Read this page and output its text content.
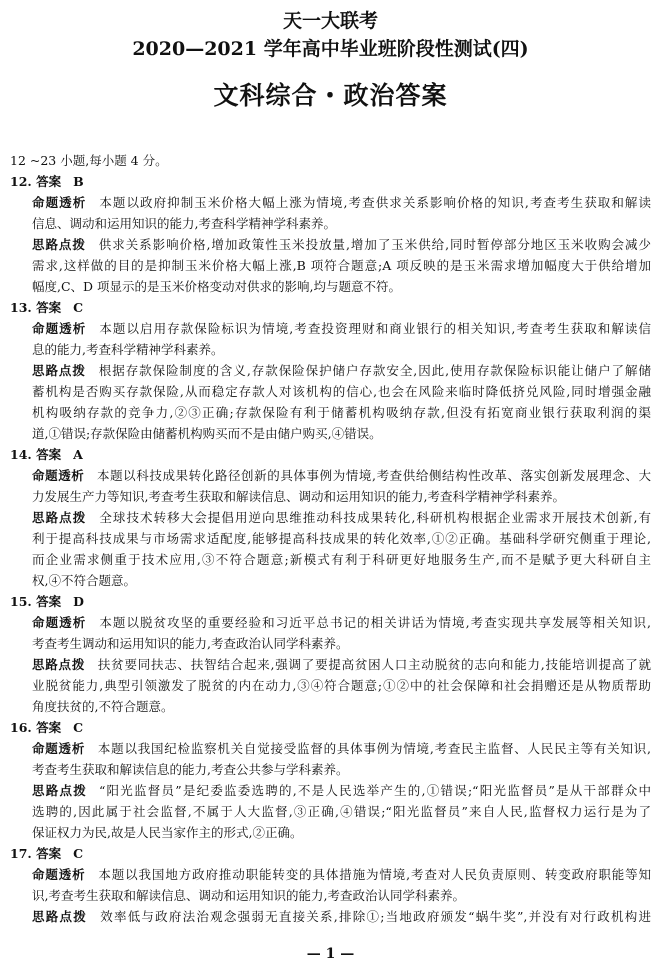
天一大联考
2020—2021 学年高中毕业班阶段性测试(四)
文科综合・政治答案
12 ~23 小题,每小题 4 分。
12. 答案 B
命题透析 本题以政府抑制玉米价格大幅上涨为情境,考查供求关系影响价格的知识,考查考生获取和解读
信息、调动和运用知识的能力,考查科学精神学科素养。
思路点拨 供求关系影响价格,增加政策性玉米投放量,增加了玉米供给,同时暂停部分地区玉米收购会减少
需求,这样做的目的是抑制玉米价格大幅上涨,B 项符合题意;A 项反映的是玉米需求增加幅度大于供给增加
幅度,C、D 项显示的是玉米价格变动对供求的影响,均与题意不符。
13. 答案 C
命题透析 本题以启用存款保险标识为情境,考查投资理财和商业银行的相关知识,考查考生获取和解读信
息的能力,考查科学精神学科素养。
思路点拨 根据存款保险制度的含义,存款保险保护储户存款安全,因此,使用存款保险标识能让储户了解储
蓄机构是否购买存款保险,从而稳定存款人对该机构的信心,也会在风险来临时降低挤兑风险,同时增强金融
机构吸纳存款的竞争力,②③正确;存款保险有利于储蓄机构吸纳存款,但没有拓宽商业银行获取利润的渠
道,①错误;存款保险由储蓄机构购买而不是由储户购买,④错误。
14. 答案 A
命题透析 本题以科技成果转化路径创新的具体事例为情境,考查供给侧结构性改革、落实创新发展理念、大
力发展生产力等知识,考查考生获取和解读信息、调动和运用知识的能力,考查科学精神学科素养。
思路点拨 全球技术转移大会提倡用逆向思维推动科技成果转化,科研机构根据企业需求开展技术创新,有
利于提高科技成果与市场需求适配度,能够提高科技成果的转化效率,①②正确。基础科学研究侧重于理论,
而企业需求侧重于技术应用,③不符合题意;新模式有利于科研更好地服务生产,而不是赋予更大科研自主
权,④不符合题意。
15. 答案 D
命题透析 本题以脱贫攻坚的重要经验和习近平总书记的相关讲话为情境,考查实现共享发展等相关知识,
考查考生调动和运用知识的能力,考查政治认同学科素养。
思路点拨 扶贫要同扶志、扶智结合起来,强调了要提高贫困人口主动脱贫的志向和能力,技能培训提高了就
业脱贫能力,典型引领激发了脱贫的内在动力,③④符合题意;①②中的社会保障和社会捐赠还是从物质帮助
角度扶贫的,不符合题意。
16. 答案 C
命题透析 本题以我国纪检监察机关自觉接受监督的具体事例为情境,考查民主监督、人民民主等有关知识,
考查考生获取和解读信息的能力,考查公共参与学科素养。
思路点拨 “阳光监督员”是纪委监委选聘的,不是人民选举产生的,①错误;“阳光监督员”是从干部群众中
选聘的,因此属于社会监督,不属于人大监督,③正确,④错误;“阳光监督员”来自人民,监督权力运行是为了
保证权力为民,故是人民当家作主的形式,②正确。
17. 答案 C
命题透析 本题以我国地方政府推动职能转变的具体措施为情境,考查对人民负责原则、转变政府职能等知
识,考查考生获取和解读信息、调动和运用知识的能力,考查政治认同学科素养。
思路点拨 效率低与政府法治观念强弱无直接关系,排除①;当地政府颁发“蜗牛奖”,并没有对行政机构进
— 1 —
